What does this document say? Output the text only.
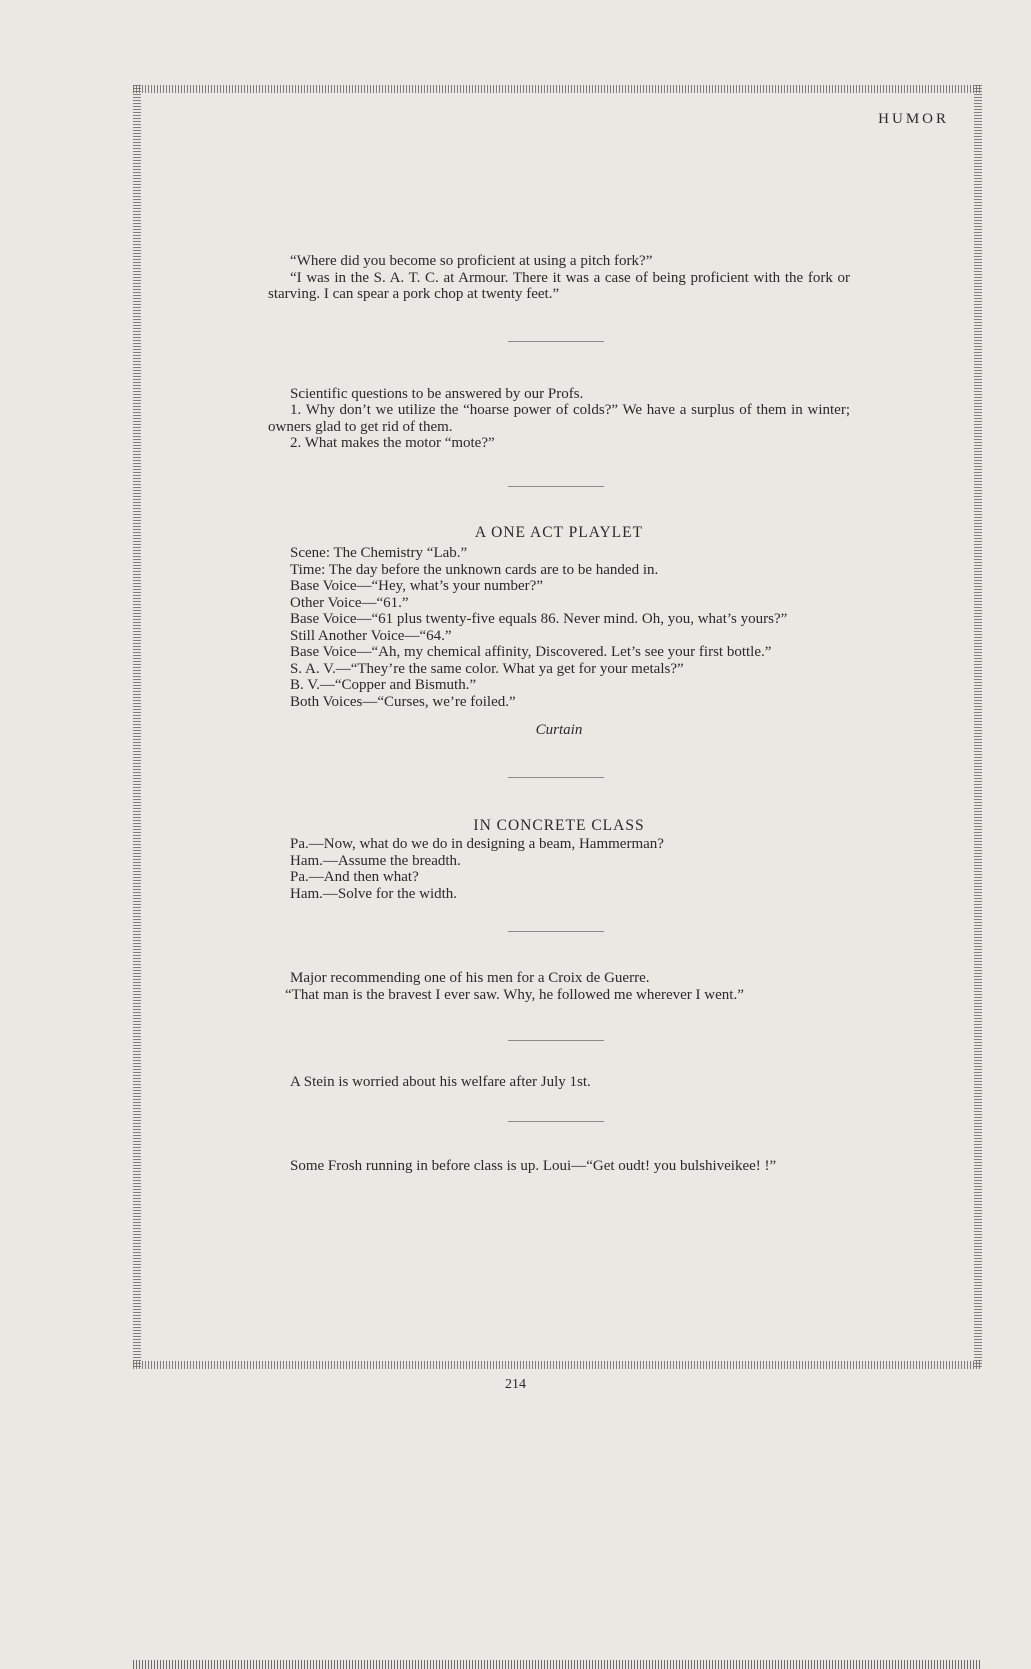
HUMOR

“Where did you become so proficient at using a pitch fork?”

“I was in the S. A. T. C. at Armour. There it was a case of being proficient with the fork or starving. I can spear a pork chop at twenty feet.”

Scientific questions to be answered by our Profs.

1. Why don’t we utilize the “hoarse power of colds?” We have a surplus of them in winter; owners glad to get rid of them.

2. What makes the motor “mote?”

A ONE ACT PLAYLET

Scene: The Chemistry “Lab.”

Time: The day before the unknown cards are to be handed in.

Base Voice—“Hey, what’s your number?”

Other Voice—“61.”

Base Voice—“61 plus twenty-five equals 86. Never mind. Oh, you, what’s yours?”

Still Another Voice—“64.”

Base Voice—“Ah, my chemical affinity, Discovered. Let’s see your first bottle.”

S. A. V.—“They’re the same color. What ya get for your metals?”

B. V.—“Copper and Bismuth.”

Both Voices—“Curses, we’re foiled.”

Curtain

IN CONCRETE CLASS

Pa.—Now, what do we do in designing a beam, Hammerman?

Ham.—Assume the breadth.

Pa.—And then what?

Ham.—Solve for the width.

Major recommending one of his men for a Croix de Guerre.

“That man is the bravest I ever saw. Why, he followed me wherever I went.”

A Stein is worried about his welfare after July 1st.

Some Frosh running in before class is up. Loui—“Get oudt! you bulshiveikee! !”

214
